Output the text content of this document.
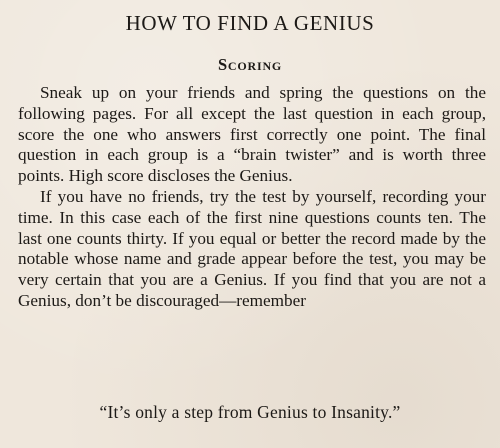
HOW TO FIND A GENIUS
Scoring

Sneak up on your friends and spring the questions on the following pages. For all except the last question in each group, score the one who answers first correctly one point. The final question in each group is a “brain twister” and is worth three points. High score discloses the Genius.

If you have no friends, try the test by yourself, recording your time. In this case each of the first nine questions counts ten. The last one counts thirty. If you equal or better the record made by the notable whose name and grade appear before the test, you may be very certain that you are a Genius. If you find that you are not a Genius, don’t be discouraged—remember

“It’s only a step from Genius to Insanity.”
